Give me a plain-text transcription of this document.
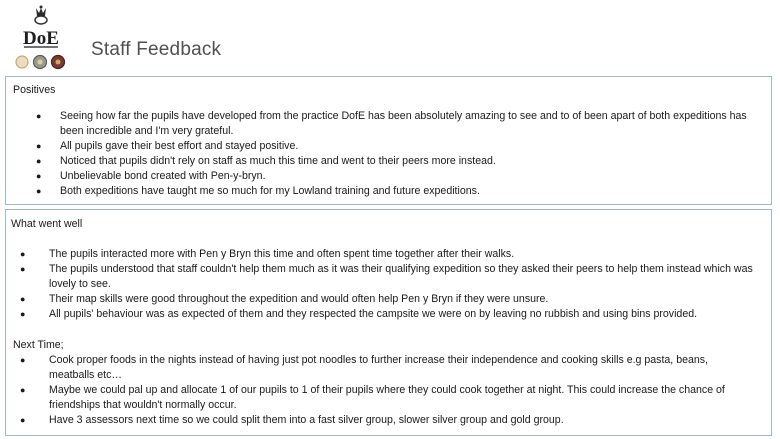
DoE
Staff Feedback
Positives
● Seeing how far the pupils have developed from the practice DofE has been absolutely amazing to see and to of been apart of both expeditions has
been incredible and I'm very grateful.
● All pupils gave their best effort and stayed positive.
● Noticed that pupils didn't rely on staff as much this time and went to their peers more instead.
● Unbelievable bond created with Pen-y-bryn.
● Both expeditions have taught me so much for my Lowland training and future expeditions.
What went well
● The pupils interacted more with Pen y Bryn this time and often spent time together after their walks.
● The pupils understood that staff couldn't help them much as it was their qualifying expedition so they asked their peers to help them instead which was
lovely to see.
● Their map skills were good throughout the expedition and would often help Pen y Bryn if they were unsure.
● All pupils' behaviour was as expected of them and they respected the campsite we were on by leaving no rubbish and using bins provided.
Next Time;
● Cook proper foods in the nights instead of having just pot noodles to further increase their independence and cooking skills e.g pasta, beans,
meatballs etc…
● Maybe we could pal up and allocate 1 of our pupils to 1 of their pupils where they could cook together at night. This could increase the chance of
friendships that wouldn't normally occur.
● Have 3 assessors next time so we could split them into a fast silver group, slower silver group and gold group.
